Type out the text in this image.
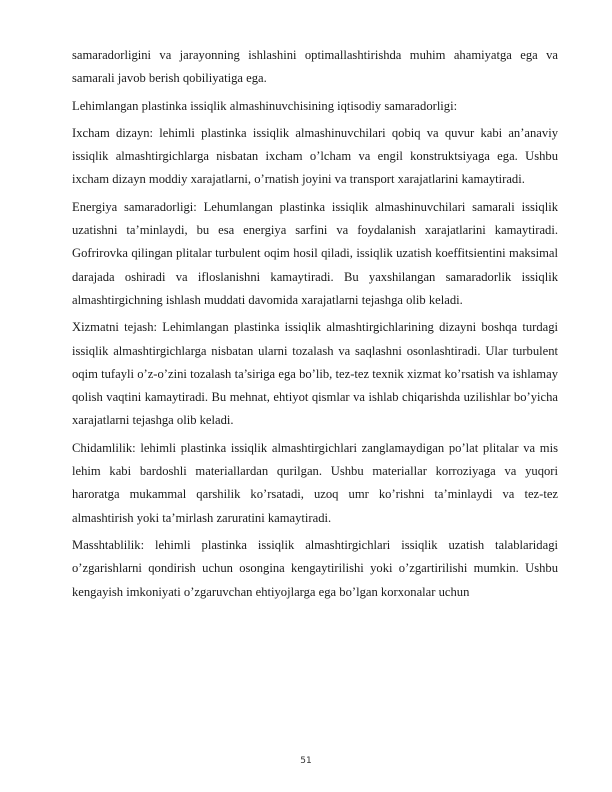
samaradorligini va jarayonning ishlashini optimallashtirishda muhim ahamiyatga ega va samarali javob berish qobiliyatiga ega.

Lehimlangan plastinka issiqlik almashinuvchisining iqtisodiy samaradorligi:

Ixcham dizayn: lehimli plastinka issiqlik almashinuvchilari qobiq va quvur kabi an’anaviy issiqlik almashtirgichlarga nisbatan ixcham o’lcham va engil konstruktsiyaga ega. Ushbu ixcham dizayn moddiy xarajatlarni, o’rnatish joyini va transport xarajatlarini kamaytiradi.

Energiya samaradorligi: Lehumlangan plastinka issiqlik almashinuvchilari samarali issiqlik uzatishni ta’minlaydi, bu esa energiya sarfini va foydalanish xarajatlarini kamaytiradi. Gofrirovka qilingan plitalar turbulent oqim hosil qiladi, issiqlik uzatish koeffitsientini maksimal darajada oshiradi va ifloslanishni kamaytiradi. Bu yaxshilangan samaradorlik issiqlik almashtirgichning ishlash muddati davomida xarajatlarni tejashga olib keladi.

Xizmatni tejash: Lehimlangan plastinka issiqlik almashtirgichlarining dizayni boshqa turdagi issiqlik almashtirgichlarga nisbatan ularni tozalash va saqlashni osonlashtiradi. Ular turbulent oqim tufayli o’z-o’zini tozalash ta’siriga ega bo’lib, tez-tez texnik xizmat ko’rsatish va ishlamay qolish vaqtini kamaytiradi. Bu mehnat, ehtiyot qismlar va ishlab chiqarishda uzilishlar bo’yicha xarajatlarni tejashga olib keladi.

Chidamlilik: lehimli plastinka issiqlik almashtirgichlari zanglamaydigan po’lat plitalar va mis lehim kabi bardoshli materiallardan qurilgan. Ushbu materiallar korroziyaga va yuqori haroratga mukammal qarshilik ko’rsatadi, uzoq umr ko’rishni ta’minlaydi va tez-tez almashtirish yoki ta’mirlash zaruratini kamaytiradi.

Masshtablilik: lehimli plastinka issiqlik almashtirgichlari issiqlik uzatish talablaridagi o’zgarishlarni qondirish uchun osongina kengaytirilishi yoki o’zgartirilishi mumkin. Ushbu kengayish imkoniyati o’zgaruvchan ehtiyojlarga ega bo’lgan korxonalar uchun

51
